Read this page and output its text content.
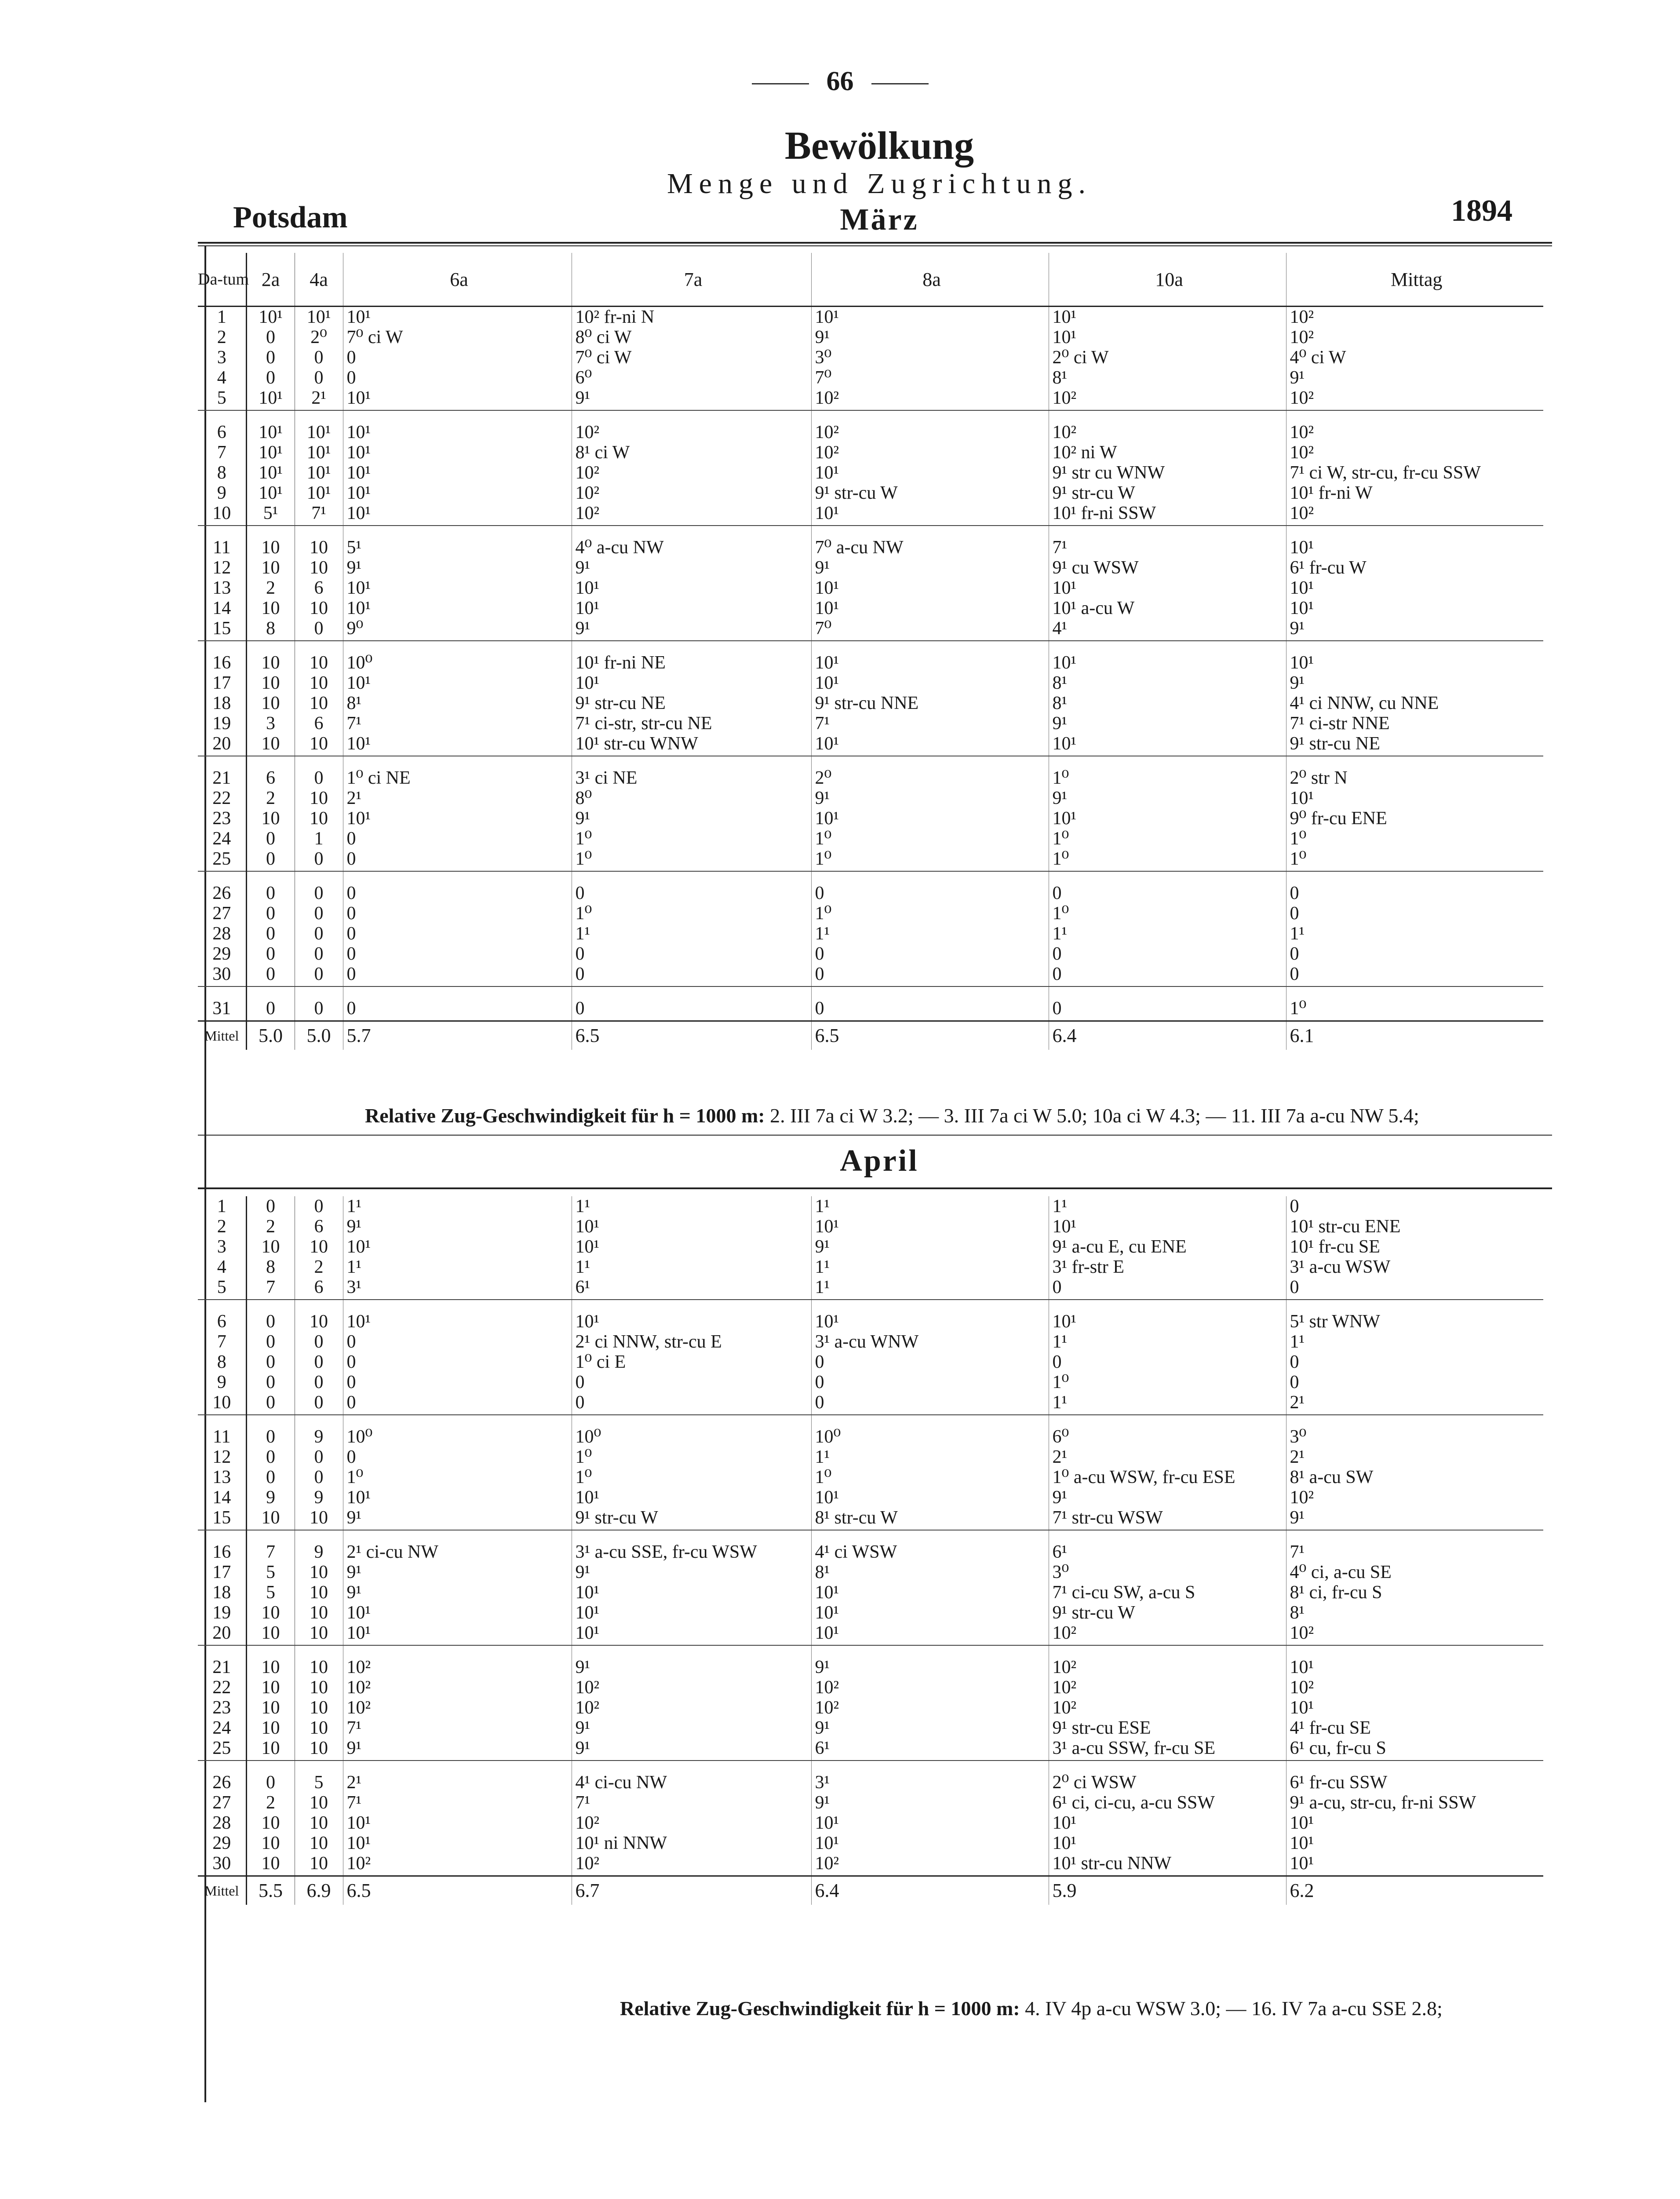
66
Bewölkung
Menge und Zugrichtung.
Potsdam	1894
März
Da-tum	2a	4a	6a	7a	8a	10a	Mittag
1	10¹	10¹	10¹	10² fr-ni N	10¹	10¹	10²
2	0	2⁰	7⁰ ci W	8⁰ ci W	9¹	10¹	10²
3	0	0	0	7⁰ ci W	3⁰	2⁰ ci W	4⁰ ci W
4	0	0	0	6⁰	7⁰	8¹	9¹
5	10¹	2¹	10¹	9¹	10²	10²	10²

6	10¹	10¹	10¹	10²	10²	10²	10²
7	10¹	10¹	10¹	8¹ ci W	10²	10² ni W	10²
8	10¹	10¹	10¹	10²	10¹	9¹ str cu WNW	7¹ ci W, str-cu, fr-cu SSW
9	10¹	10¹	10¹	10²	9¹ str-cu W	9¹ str-cu W	10¹ fr-ni W
10	5¹	7¹	10¹	10²	10¹	10¹ fr-ni SSW	10²

11	10	10	5¹	4⁰ a-cu NW	7⁰ a-cu NW	7¹	10¹
12	10	10	9¹	9¹	9¹	9¹ cu WSW	6¹ fr-cu W
13	2	6	10¹	10¹	10¹	10¹	10¹
14	10	10	10¹	10¹	10¹	10¹ a-cu W	10¹
15	8	0	9⁰	9¹	7⁰	4¹	9¹

16	10	10	10⁰	10¹ fr-ni NE	10¹	10¹	10¹
17	10	10	10¹	10¹	10¹	8¹	9¹
18	10	10	8¹	9¹ str-cu NE	9¹ str-cu NNE	8¹	4¹ ci NNW, cu NNE
19	3	6	7¹	7¹ ci-str, str-cu NE	7¹	9¹	7¹ ci-str NNE
20	10	10	10¹	10¹ str-cu WNW	10¹	10¹	9¹ str-cu NE

21	6	0	1⁰ ci NE	3¹ ci NE	2⁰	1⁰	2⁰ str N
22	2	10	2¹	8⁰	9¹	9¹	10¹
23	10	10	10¹	9¹	10¹	10¹	9⁰ fr-cu ENE
24	0	1	0	1⁰	1⁰	1⁰	1⁰
25	0	0	0	1⁰	1⁰	1⁰	1⁰

26	0	0	0	0	0	0	0
27	0	0	0	1⁰	1⁰	1⁰	0
28	0	0	0	1¹	1¹	1¹	1¹
29	0	0	0	0	0	0	0
30	0	0	0	0	0	0	0

31	0	0	0	0	0	0	1⁰
Mittel	5.0	5.0	5.7	6.5	6.5	6.4	6.1
Relative Zug-Geschwindigkeit für h = 1000 m: 2. III 7a ci W 3.2; — 3. III 7a ci W 5.0; 10a ci W 4.3; — 11. III 7a a-cu NW 5.4;
April
1	0	0	1¹	1¹	1¹	1¹	0
2	2	6	9¹	10¹	10¹	10¹	10¹ str-cu ENE
3	10	10	10¹	10¹	9¹	9¹ a-cu E, cu ENE	10¹ fr-cu SE
4	8	2	1¹	1¹	1¹	3¹ fr-str E	3¹ a-cu WSW
5	7	6	3¹	6¹	1¹	0	0

6	0	10	10¹	10¹	10¹	10¹	5¹ str WNW
7	0	0	0	2¹ ci NNW, str-cu E	3¹ a-cu WNW	1¹	1¹
8	0	0	0	1⁰ ci E	0	0	0
9	0	0	0	0	0	1⁰	0
10	0	0	0	0	0	1¹	2¹

11	0	9	10⁰	10⁰	10⁰	6⁰	3⁰
12	0	0	0	1⁰	1¹	2¹	2¹
13	0	0	1⁰	1⁰	1⁰	1⁰ a-cu WSW, fr-cu ESE	8¹ a-cu SW
14	9	9	10¹	10¹	10¹	9¹	10²
15	10	10	9¹	9¹ str-cu W	8¹ str-cu W	7¹ str-cu WSW	9¹

16	7	9	2¹ ci-cu NW	3¹ a-cu SSE, fr-cu WSW	4¹ ci WSW	6¹	7¹
17	5	10	9¹	9¹	8¹	3⁰	4⁰ ci, a-cu SE
18	5	10	9¹	10¹	10¹	7¹ ci-cu SW, a-cu S	8¹ ci, fr-cu S
19	10	10	10¹	10¹	10¹	9¹ str-cu W	8¹
20	10	10	10¹	10¹	10¹	10²	10²

21	10	10	10²	9¹	9¹	10²	10¹
22	10	10	10²	10²	10²	10²	10²
23	10	10	10²	10²	10²	10²	10¹
24	10	10	7¹	9¹	9¹	9¹ str-cu ESE	4¹ fr-cu SE
25	10	10	9¹	9¹	6¹	3¹ a-cu SSW, fr-cu SE	6¹ cu, fr-cu S

26	0	5	2¹	4¹ ci-cu NW	3¹	2⁰ ci WSW	6¹ fr-cu SSW
27	2	10	7¹	7¹	9¹	6¹ ci, ci-cu, a-cu SSW	9¹ a-cu, str-cu, fr-ni SSW
28	10	10	10¹	10²	10¹	10¹	10¹
29	10	10	10¹	10¹ ni NNW	10¹	10¹	10¹
30	10	10	10²	10²	10²	10¹ str-cu NNW	10¹
Mittel	5.5	6.9	6.5	6.7	6.4	5.9	6.2
Relative Zug-Geschwindigkeit für h = 1000 m: 4. IV 4p a-cu WSW 3.0; — 16. IV 7a a-cu SSE 2.8;
